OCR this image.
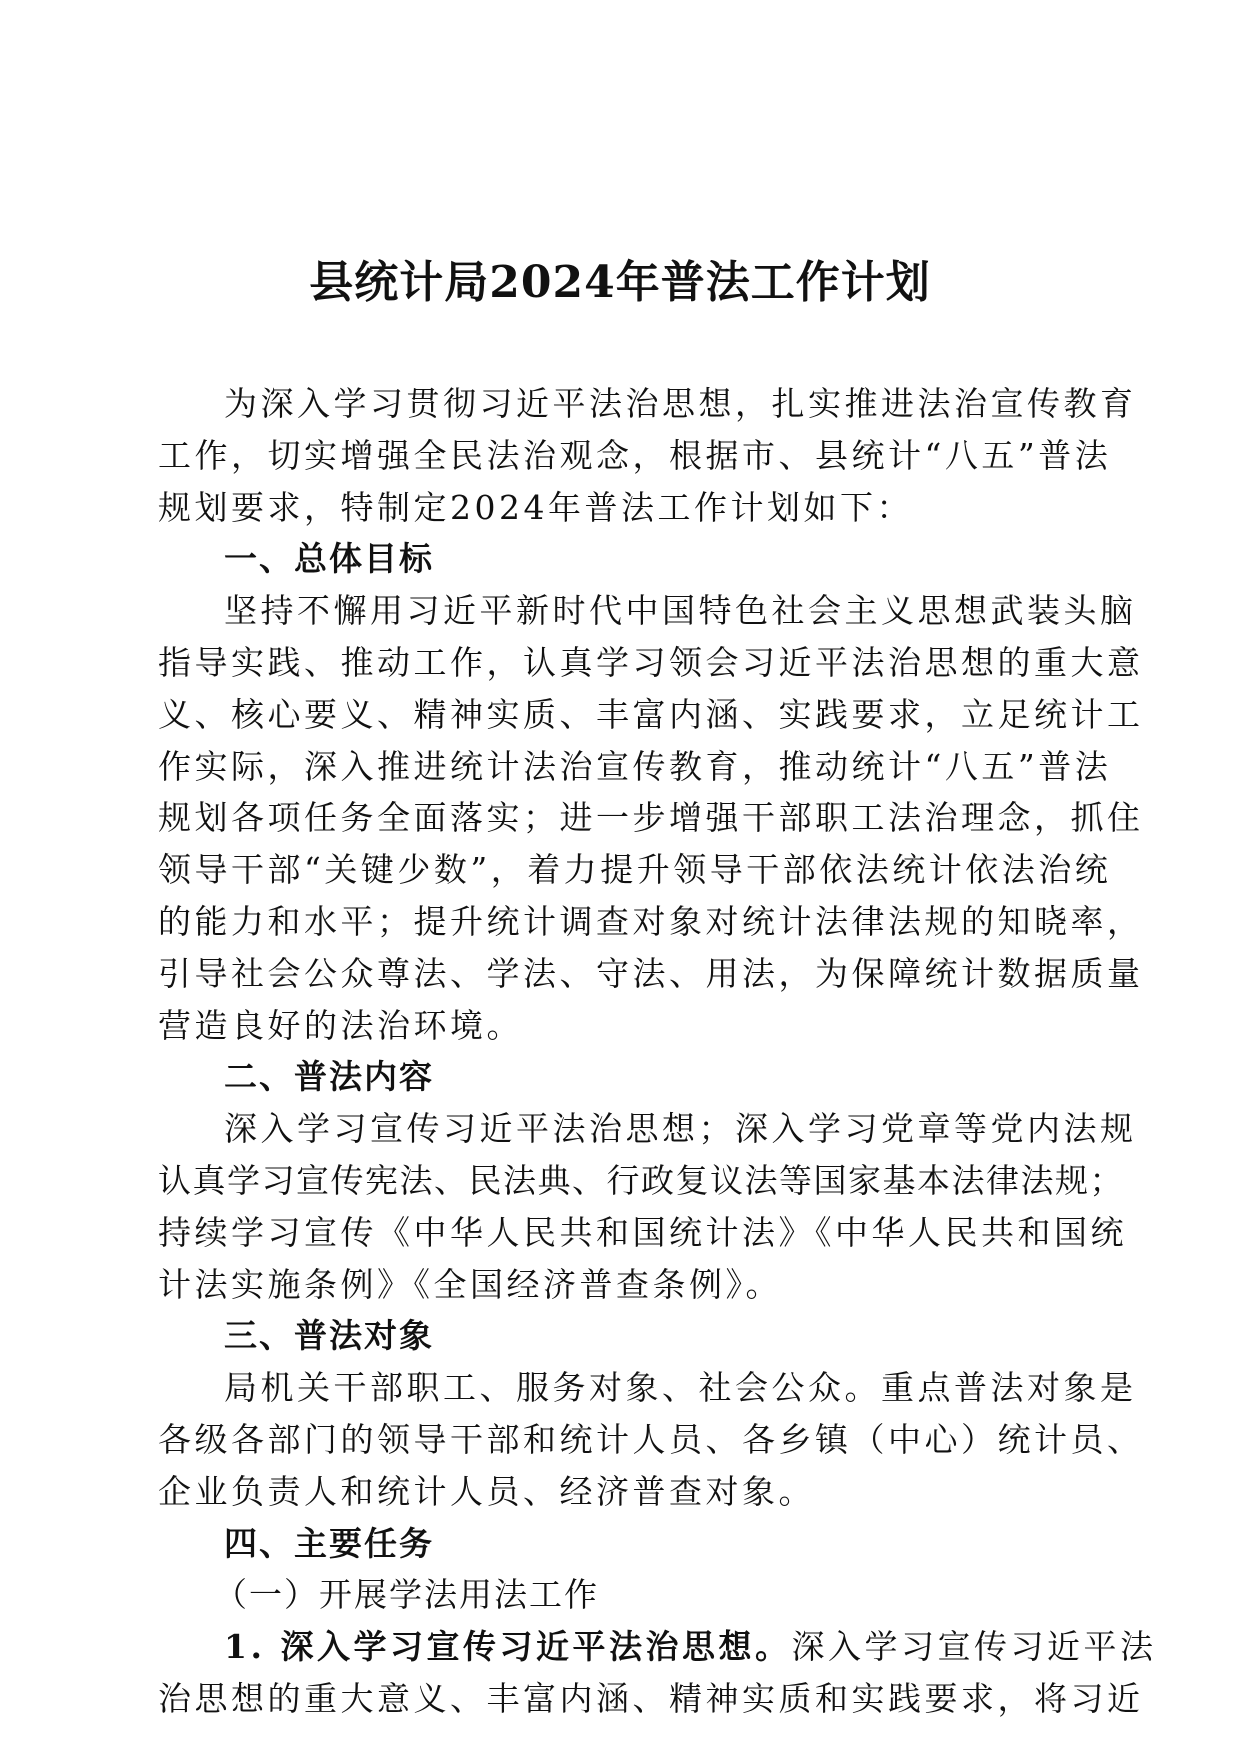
县统计局2024年普法工作计划
为深入学习贯彻习近平法治思想，扎实推进法治宣传教育
工作，切实增强全民法治观念，根据市、县统计“八五”普法
规划要求，特制定2024年普法工作计划如下：
一、总体目标
坚持不懈用习近平新时代中国特色社会主义思想武装头脑
指导实践、推动工作，认真学习领会习近平法治思想的重大意
义、核心要义、精神实质、丰富内涵、实践要求，立足统计工
作实际，深入推进统计法治宣传教育，推动统计“八五”普法
规划各项任务全面落实；进一步增强干部职工法治理念，抓住
领导干部“关键少数”，着力提升领导干部依法统计依法治统
的能力和水平；提升统计调查对象对统计法律法规的知晓率，
引导社会公众尊法、学法、守法、用法，为保障统计数据质量
营造良好的法治环境。
二、普法内容
深入学习宣传习近平法治思想；深入学习党章等党内法规
认真学习宣传宪法、民法典、行政复议法等国家基本法律法规；
持续学习宣传《中华人民共和国统计法》《中华人民共和国统
计法实施条例》《全国经济普查条例》。
三、普法对象
局机关干部职工、服务对象、社会公众。重点普法对象是
各级各部门的领导干部和统计人员、各乡镇（中心）统计员、
企业负责人和统计人员、经济普查对象。
四、主要任务
（一）开展学法用法工作
1. 深入学习宣传习近平法治思想。深入学习宣传习近平法
治思想的重大意义、丰富内涵、精神实质和实践要求，将习近
